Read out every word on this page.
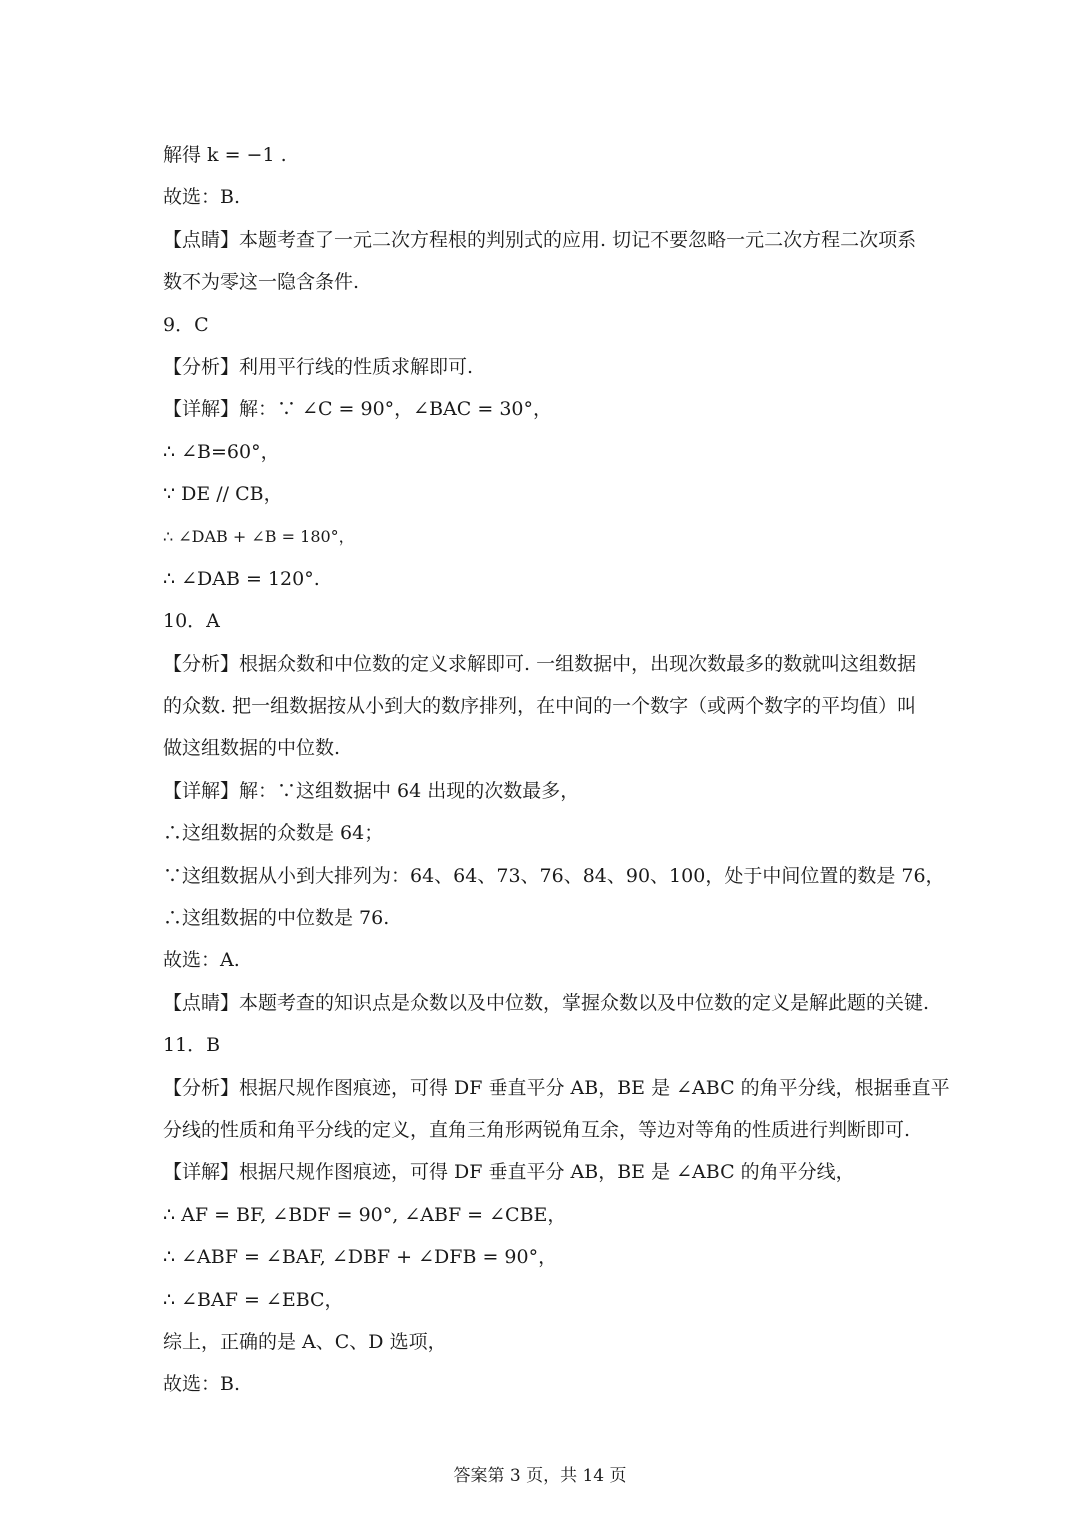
解得 k = −1 .
故选：B.
【点睛】本题考查了一元二次方程根的判别式的应用. 切记不要忽略一元二次方程二次项系
数不为零这一隐含条件.
9．C
【分析】利用平行线的性质求解即可.
【详解】解：∵ ∠C = 90°，∠BAC = 30°，
∴ ∠B=60°，
∵ DE // CB，
∴ ∠DAB + ∠B = 180°，
∴ ∠DAB = 120°.
10．A
【分析】根据众数和中位数的定义求解即可. 一组数据中，出现次数最多的数就叫这组数据
的众数. 把一组数据按从小到大的数序排列，在中间的一个数字（或两个数字的平均值）叫
做这组数据的中位数.
【详解】解：∵这组数据中 64 出现的次数最多，
∴这组数据的众数是 64；
∵这组数据从小到大排列为：64、64、73、76、84、90、100，处于中间位置的数是 76，
∴这组数据的中位数是 76.
故选：A.
【点睛】本题考查的知识点是众数以及中位数，掌握众数以及中位数的定义是解此题的关键.
11．B
【分析】根据尺规作图痕迹，可得 DF 垂直平分 AB，BE 是 ∠ABC 的角平分线，根据垂直平
分线的性质和角平分线的定义，直角三角形两锐角互余，等边对等角的性质进行判断即可.
【详解】根据尺规作图痕迹，可得 DF 垂直平分 AB，BE 是 ∠ABC 的角平分线，
∴ AF = BF, ∠BDF = 90°, ∠ABF = ∠CBE，
∴ ∠ABF = ∠BAF, ∠DBF + ∠DFB = 90°，
∴ ∠BAF = ∠EBC，
综上，正确的是 A、C、D 选项，
故选：B.
答案第 3 页，共 14 页
